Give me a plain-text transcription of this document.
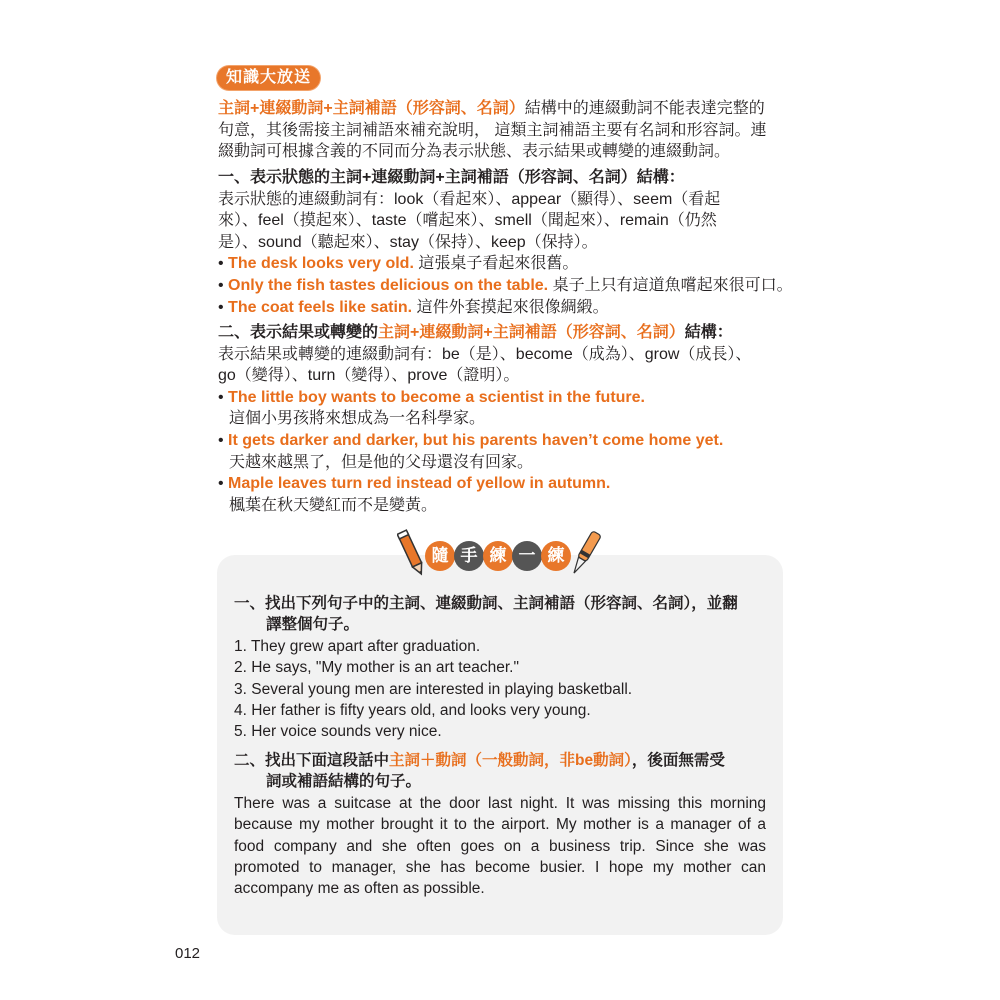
知識大放送
主詞+連綴動詞+主詞補語（形容詞、名詞）結構中的連綴動詞不能表達完整的
句意，其後需接主詞補語來補充說明， 這類主詞補語主要有名詞和形容詞。連
綴動詞可根據含義的不同而分為表示狀態、表示結果或轉變的連綴動詞。
一、表示狀態的主詞+連綴動詞+主詞補語（形容詞、名詞）結構：
表示狀態的連綴動詞有：look（看起來）、appear（顯得）、seem（看起
來）、feel（摸起來）、taste（嚐起來）、smell（聞起來）、remain（仍然
是）、sound（聽起來）、stay（保持）、keep（保持）。
• The desk looks very old. 這張桌子看起來很舊。
• Only the fish tastes delicious on the table. 桌子上只有這道魚嚐起來很可口。
• The coat feels like satin. 這件外套摸起來很像綢緞。
二、表示結果或轉變的主詞+連綴動詞+主詞補語（形容詞、名詞）結構：
表示結果或轉變的連綴動詞有：be（是）、become（成為）、grow（成長）、
go（變得）、turn（變得）、prove（證明）。
• The little boy wants to become a scientist in the future.
這個小男孩將來想成為一名科學家。
• It gets darker and darker, but his parents haven’t come home yet.
天越來越黑了，但是他的父母還沒有回家。
• Maple leaves turn red instead of yellow in autumn.
楓葉在秋天變紅而不是變黃。
隨 手 練 一 練
一、找出下列句子中的主詞、連綴動詞、主詞補語（形容詞、名詞），並翻
譯整個句子。
1. They grew apart after graduation.
2. He says, "My mother is an art teacher."
3. Several young men are interested in playing basketball.
4. Her father is fifty years old, and looks very young.
5. Her voice sounds very nice.
二、找出下面這段話中主詞＋動詞（一般動詞，非be動詞），後面無需受
詞或補語結構的句子。
There was a suitcase at the door last night. It was missing this morning because my mother brought it to the airport. My mother is a manager of a food company and she often goes on a business trip. Since she was promoted to manager, she has become busier. I hope my mother can accompany me as often as possible.
012
